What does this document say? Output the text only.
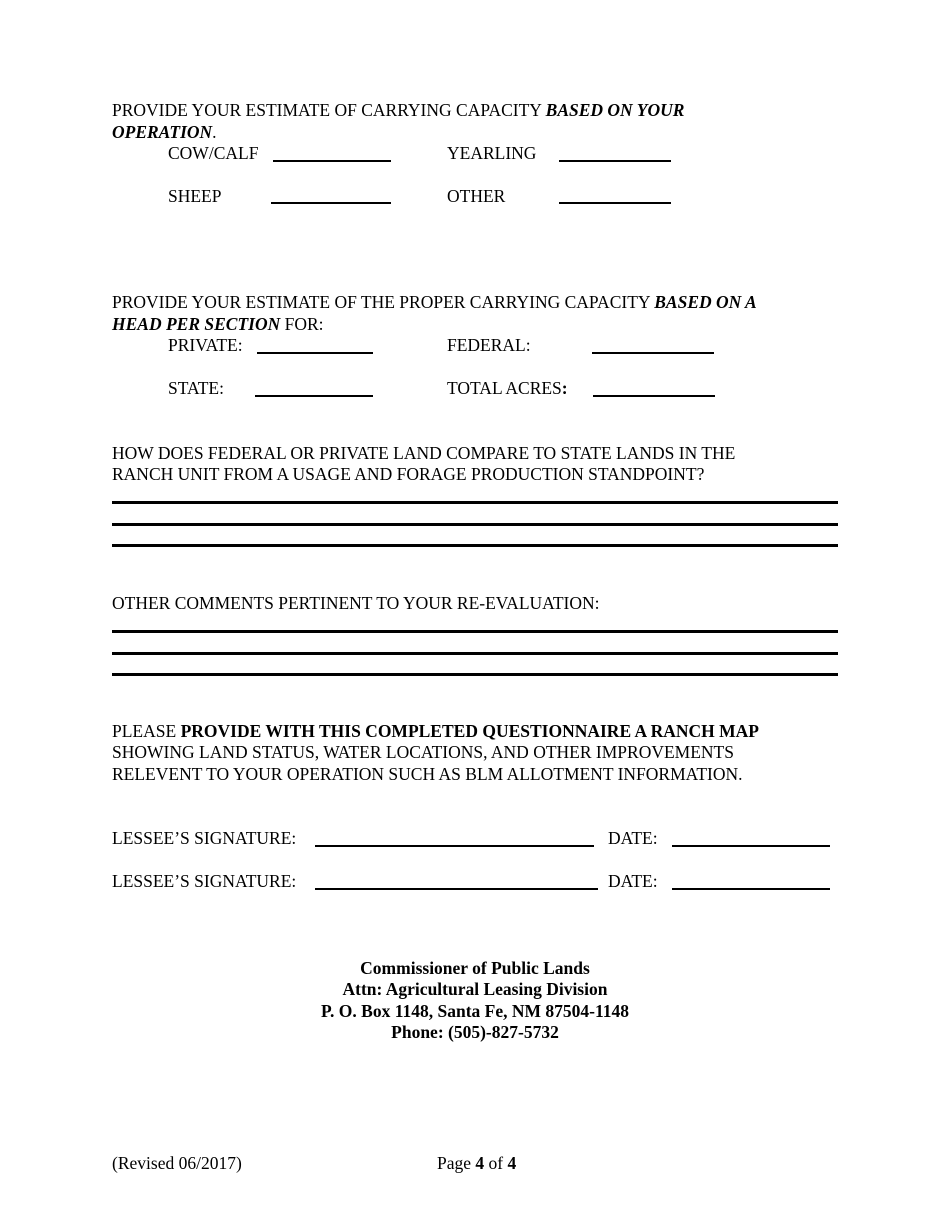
PROVIDE YOUR ESTIMATE OF CARRYING CAPACITY BASED ON YOUR
OPERATION.
COW/CALF	YEARLING
SHEEP	OTHER
PROVIDE YOUR ESTIMATE OF THE PROPER CARRYING CAPACITY BASED ON A
HEAD PER SECTION FOR:
PRIVATE:	FEDERAL:
STATE:	TOTAL ACRES:
HOW DOES FEDERAL OR PRIVATE LAND COMPARE TO STATE LANDS IN THE
RANCH UNIT FROM A USAGE AND FORAGE PRODUCTION STANDPOINT?
OTHER COMMENTS PERTINENT TO YOUR RE-EVALUATION:
PLEASE PROVIDE WITH THIS COMPLETED QUESTIONNAIRE A RANCH MAP
SHOWING LAND STATUS, WATER LOCATIONS, AND OTHER IMPROVEMENTS
RELEVENT TO YOUR OPERATION SUCH AS BLM ALLOTMENT INFORMATION.
LESSEE’S SIGNATURE:	DATE:
LESSEE’S SIGNATURE:	DATE:
Commissioner of Public Lands
Attn: Agricultural Leasing Division
P. O. Box 1148, Santa Fe, NM 87504-1148
Phone: (505)-827-5732
(Revised 06/2017)	Page 4 of 4
